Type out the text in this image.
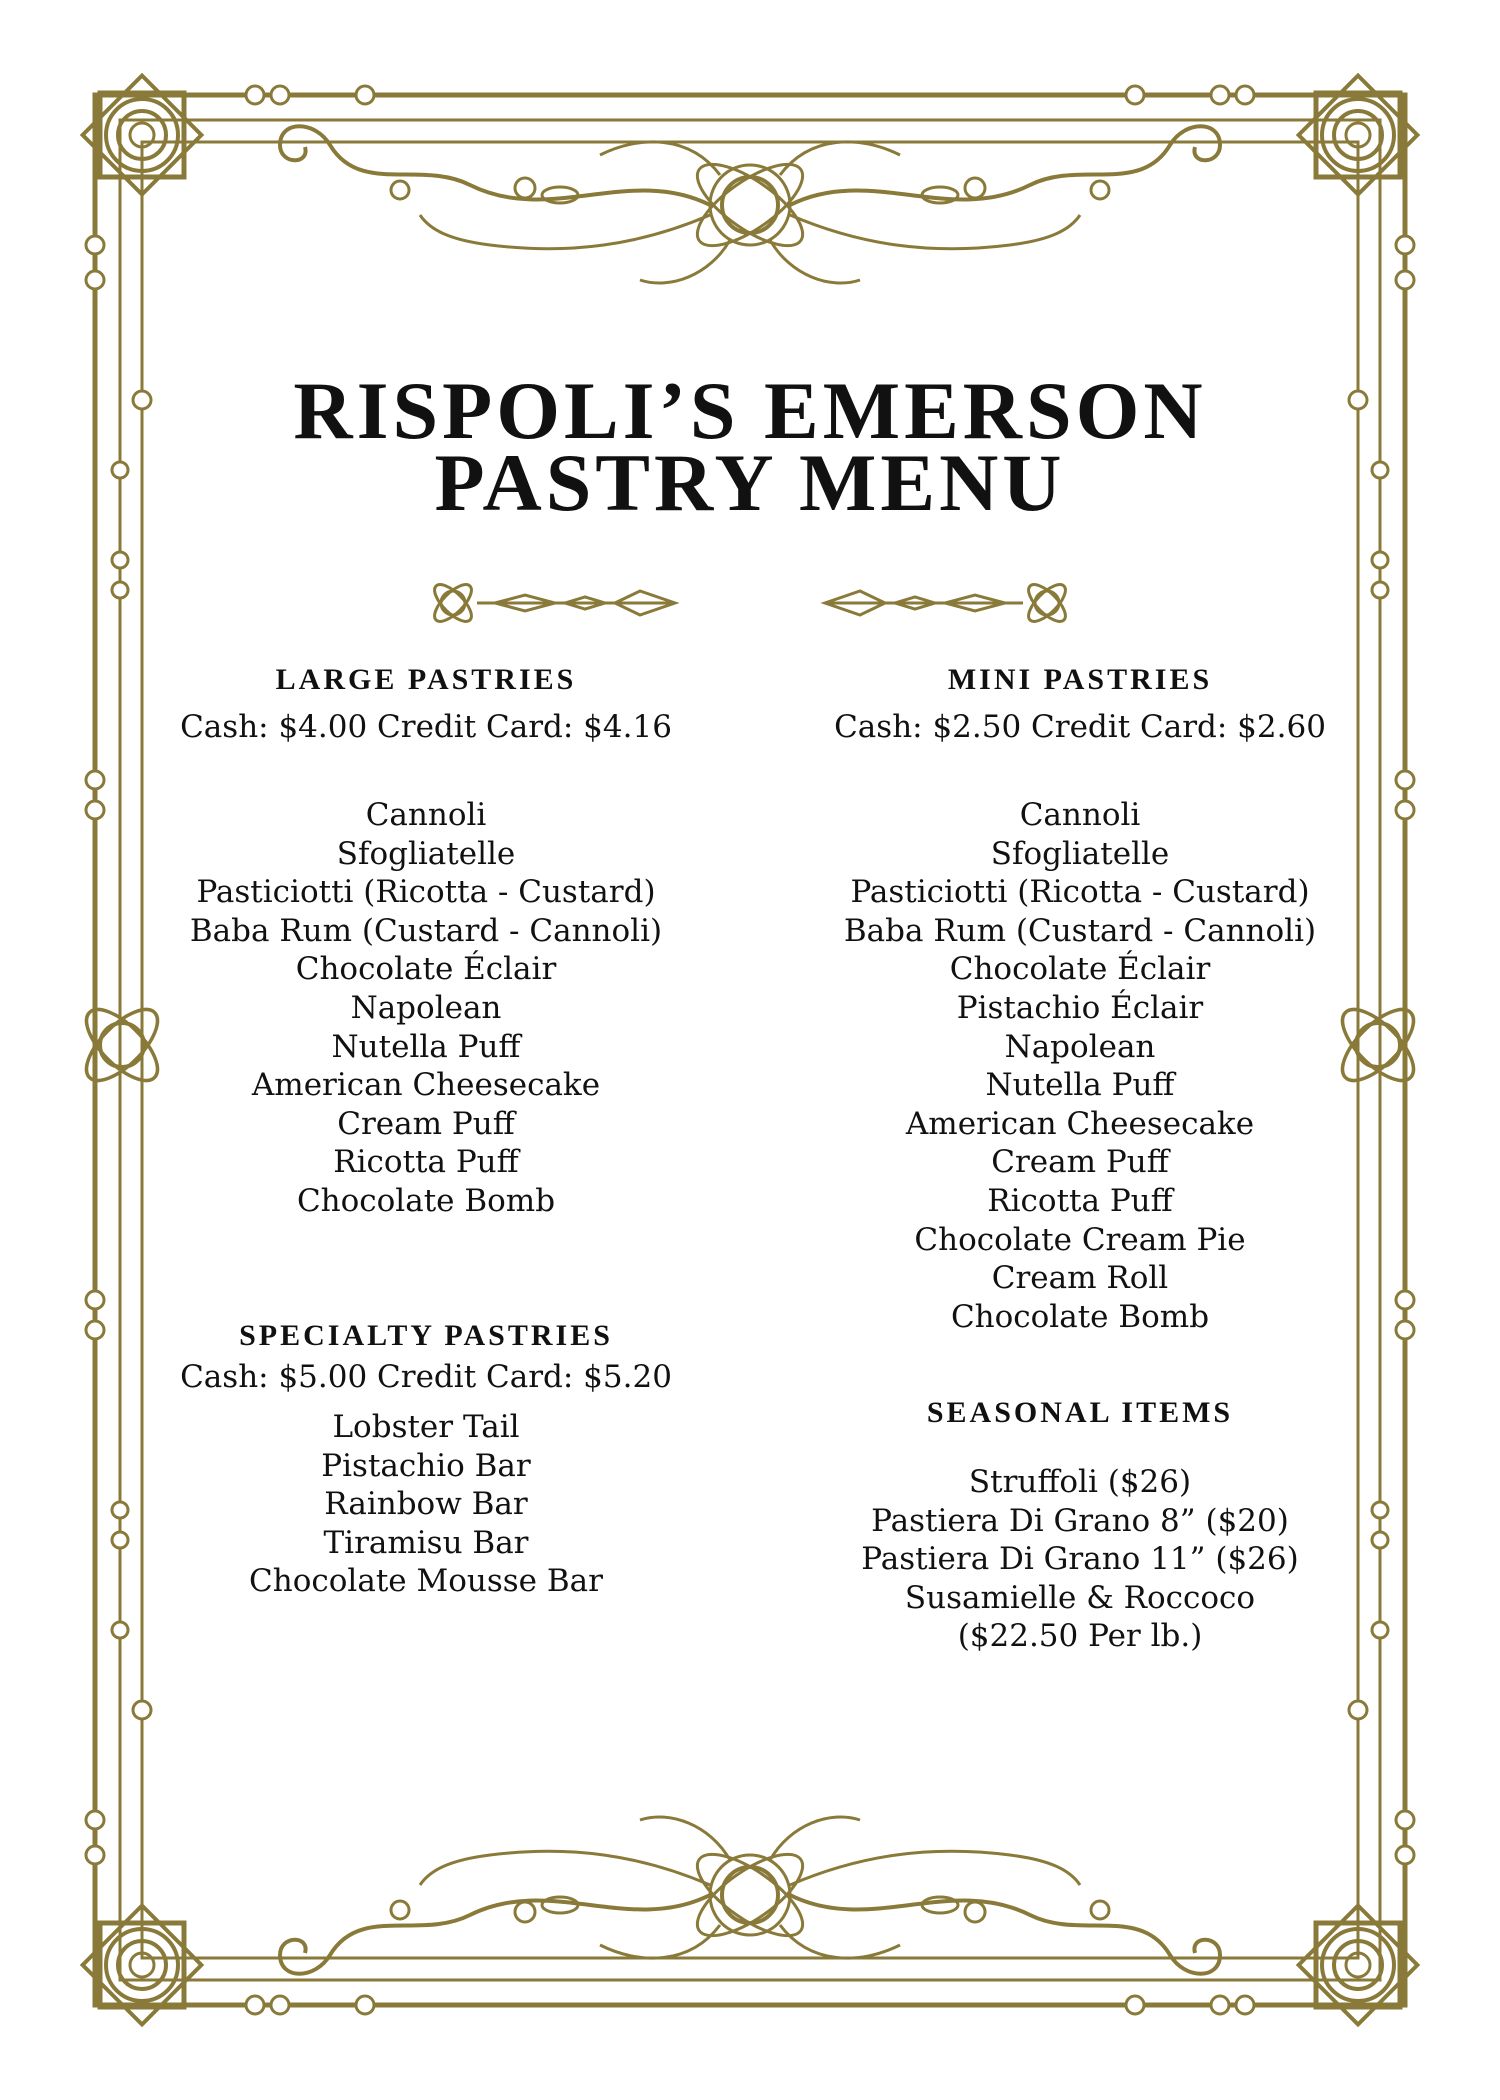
RISPOLI’S EMERSON
PASTRY MENU
LARGE PASTRIES

Cash: $4.00 Credit Card: $4.16

Cannoli
Sfogliatelle
Pasticiotti (Ricotta - Custard)
Baba Rum (Custard - Cannoli)
Chocolate Éclair
Napolean
Nutella Puff
American Cheesecake
Cream Puff
Ricotta Puff
Chocolate Bomb
SPECIALTY PASTRIES

Cash: $5.00 Credit Card: $5.20

Lobster Tail
Pistachio Bar
Rainbow Bar
Tiramisu Bar
Chocolate Mousse Bar
MINI PASTRIES

Cash: $2.50 Credit Card: $2.60

Cannoli
Sfogliatelle
Pasticiotti (Ricotta - Custard)
Baba Rum (Custard - Cannoli)
Chocolate Éclair
Pistachio Éclair
Napolean
Nutella Puff
American Cheesecake
Cream Puff
Ricotta Puff
Chocolate Cream Pie
Cream Roll
Chocolate Bomb
SEASONAL ITEMS
Struffoli ($26)
Pastiera Di Grano 8” ($20)
Pastiera Di Grano 11” ($26)
Susamielle & Roccoco
($22.50 Per lb.)
